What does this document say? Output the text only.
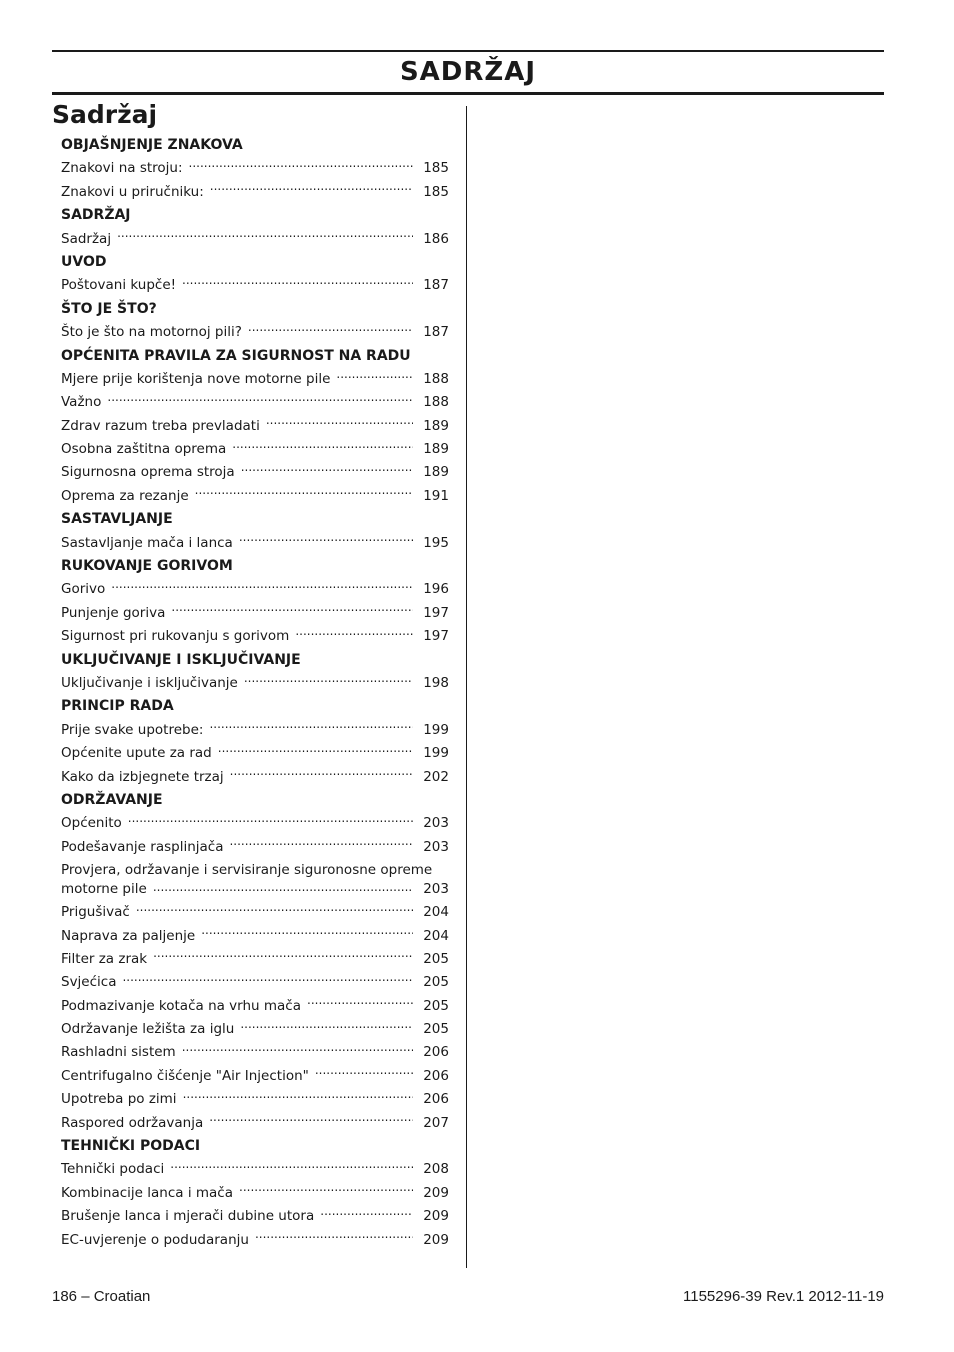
SADRŽAJ
Sadržaj
OBJAŠNJENJE ZNAKOVA
Znakovi na stroju: .....	185
Znakovi u priručniku: .....	185
SADRŽAJ
Sadržaj .....	186
UVOD
Poštovani kupče! .....	187
ŠTO JE ŠTO?
Što je što na motornoj pili? .....	187
OPĆENITA PRAVILA ZA SIGURNOST NA RADU
Mjere prije korištenja nove motorne pile .....	188
Važno .....	188
Zdrav razum treba prevladati .....	189
Osobna zaštitna oprema .....	189
Sigurnosna oprema stroja .....	189
Oprema za rezanje .....	191
SASTAVLJANJE
Sastavljanje mača i lanca .....	195
RUKOVANJE GORIVOM
Gorivo .....	196
Punjenje goriva .....	197
Sigurnost pri rukovanju s gorivom .....	197
UKLJUČIVANJE I ISKLJUČIVANJE
Uključivanje i isključivanje .....	198
PRINCIP RADA
Prije svake upotrebe: .....	199
Općenite upute za rad .....	199
Kako da izbjegnete trzaj .....	202
ODRŽAVANJE
Općenito .....	203
Podešavanje rasplinjača .....	203
Provjera, održavanje i servisiranje siguronosne opreme
motorne pile .....	203
Prigušivač .....	204
Naprava za paljenje .....	204
Filter za zrak .....	205
Svjećica .....	205
Podmazivanje kotača na vrhu mača .....	205
Održavanje ležišta za iglu .....	205
Rashladni sistem .....	206
Centrifugalno čišćenje "Air Injection" .....	206
Upotreba po zimi .....	206
Raspored održavanja .....	207
TEHNIČKI PODACI
Tehnički podaci .....	208
Kombinacije lanca i mača .....	209
Brušenje lanca i mjerači dubine utora .....	209
EC-uvjerenje o podudaranju .....	209
186 – Croatian	1155296-39 Rev.1 2012-11-19
